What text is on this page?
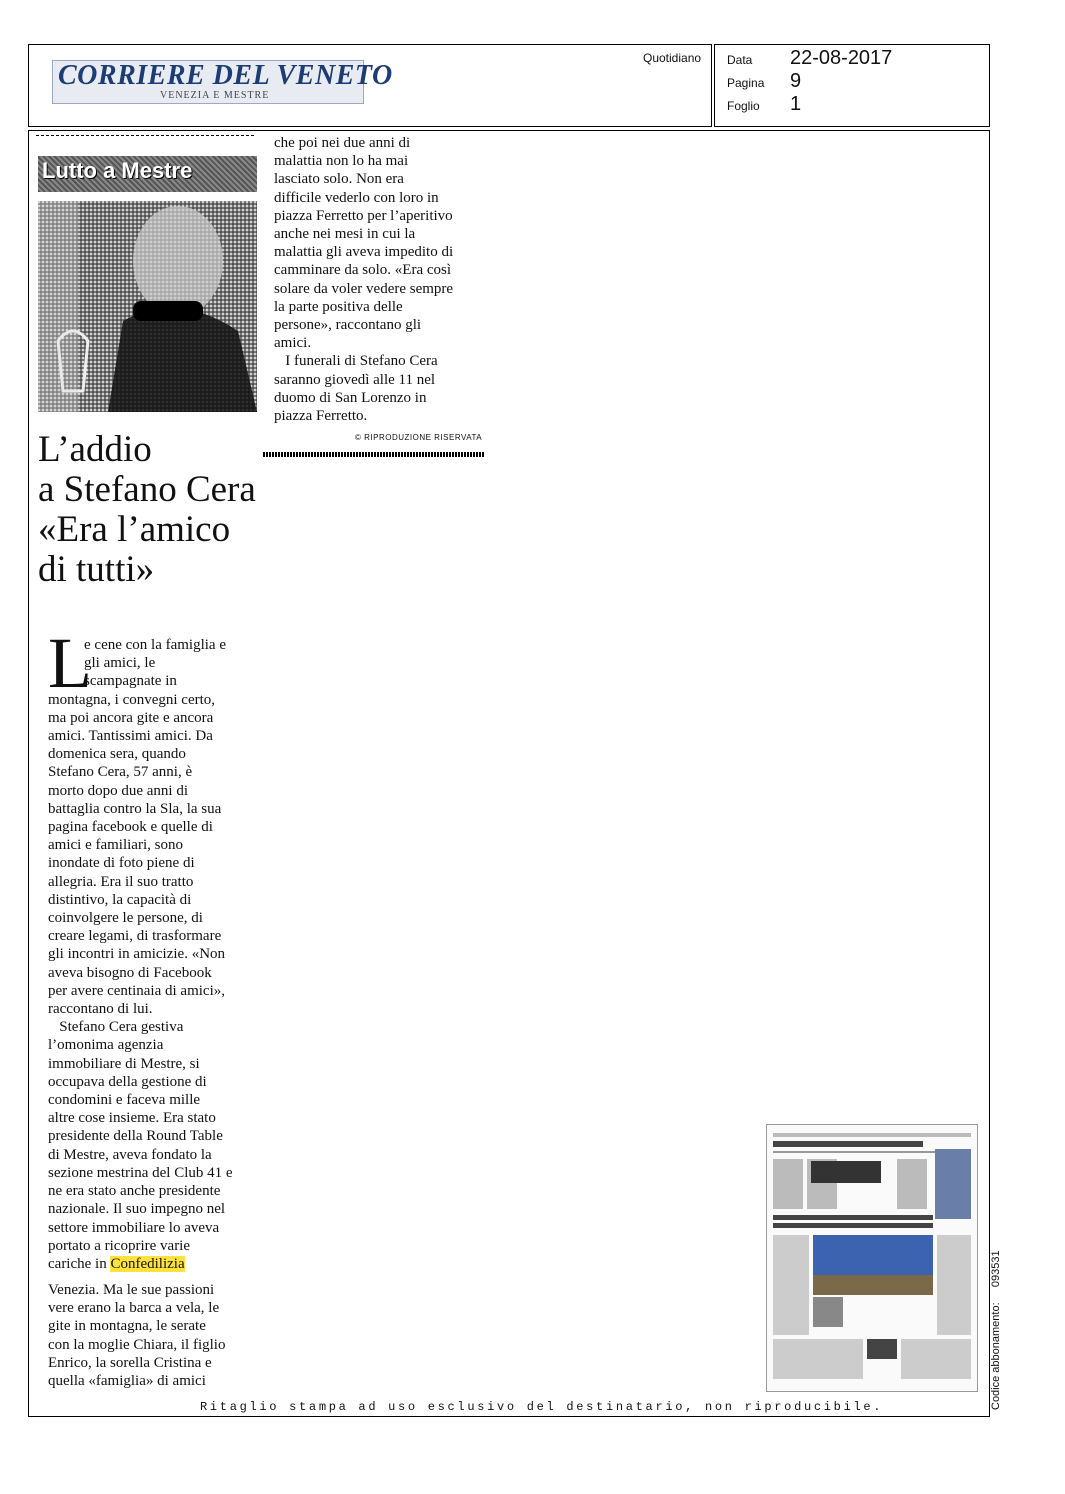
CORRIERE DEL VENETO
VENEZIA E MESTRE
Quotidiano Data 22-08-2017
Pagina 9
Foglio 1
Lutto a Mestre
L’addio
a Stefano Cera
«Era l’amico
di tutti»
L
e cene con la famiglia e
gli amici, le
scampagnate in
montagna, i convegni certo,
ma poi ancora gite e ancora
amici. Tantissimi amici. Da
domenica sera, quando
Stefano Cera, 57 anni, è
morto dopo due anni di
battaglia contro la Sla, la sua
pagina facebook e quelle di
amici e familiari, sono
inondate di foto piene di
allegria. Era il suo tratto
distintivo, la capacità di
coinvolgere le persone, di
creare legami, di trasformare
gli incontri in amicizie. «Non
aveva bisogno di Facebook
per avere centinaia di amici»,
raccontano di lui.
Stefano Cera gestiva
l’omonima agenzia
immobiliare di Mestre, si
occupava della gestione di
condomini e faceva mille
altre cose insieme. Era stato
presidente della Round Table
di Mestre, aveva fondato la
sezione mestrina del Club 41 e
ne era stato anche presidente
nazionale. Il suo impegno nel
settore immobiliare lo aveva
portato a ricoprire varie
cariche in Confedilizia
Venezia. Ma le sue passioni
vere erano la barca a vela, le
gite in montagna, le serate
con la moglie Chiara, il figlio
Enrico, la sorella Cristina e
quella «famiglia» di amici
che poi nei due anni di
malattia non lo ha mai
lasciato solo. Non era
difficile vederlo con loro in
piazza Ferretto per l’aperitivo
anche nei mesi in cui la
malattia gli aveva impedito di
camminare da solo. «Era così
solare da voler vedere sempre
la parte positiva delle
persone», raccontano gli
amici.
I funerali di Stefano Cera
saranno giovedì alle 11 nel
duomo di San Lorenzo in
piazza Ferretto.
© RIPRODUZIONE RISERVATA
Ritaglio stampa ad uso esclusivo del destinatario, non riproducibile.	Codice abbonamento:     093531
